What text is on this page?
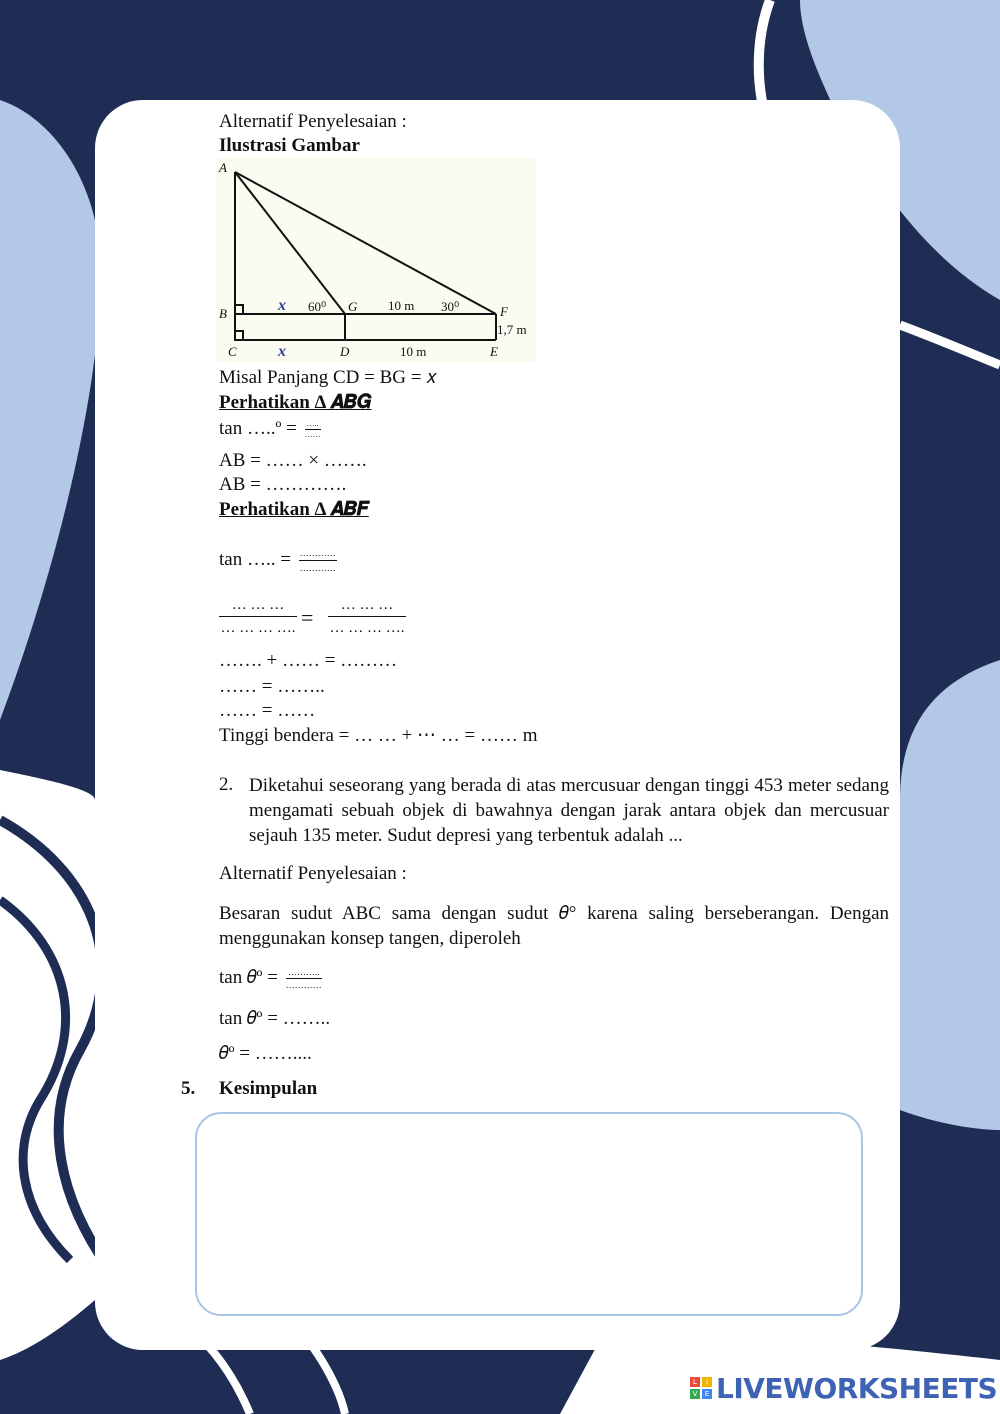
Alternatif Penyelesaian :
Ilustrasi Gambar
A
B
C	D	E
F
G
x
x
60⁰	30⁰
10 m
10 m
1,7 m
Misal Panjang CD = BG = 𝑥
Perhatikan Δ 𝑨𝑩𝑮
tan …..º = $\frac{\dots..}{\dots\dots}$
AB = …… × …….
AB = ………….
Perhatikan Δ 𝑨𝑩𝑭
tan ….. = $\frac{\dots\dots\dots\dots}{\dots\dots\dots\dots}$
… … …
… … … …. =	… … …
… … … ….
……. + …… = ………
…… = ……..
…… = ……
Tinggi bendera = … … + ⋯ … = …… m
2. Diketahui seseorang yang berada di atas mercusuar dengan tinggi 453 meter sedang mengamati sebuah objek di bawahnya dengan jarak antara objek dan mercusuar sejauh 135 meter. Sudut depresi yang terbentuk adalah ...
Alternatif Penyelesaian :
Besaran sudut ABC sama dengan sudut 𝜃° karena saling berseberangan. Dengan menggunakan konsep tangen, diperoleh
tan 𝜃º = $\frac{\dots\dots\dots..}{\dots\dots\dots\dots}$
tan 𝜃º = ……..
𝜃º = ……....
5. Kesimpulan
L	I
V	E LIVEWORKSHEETS
